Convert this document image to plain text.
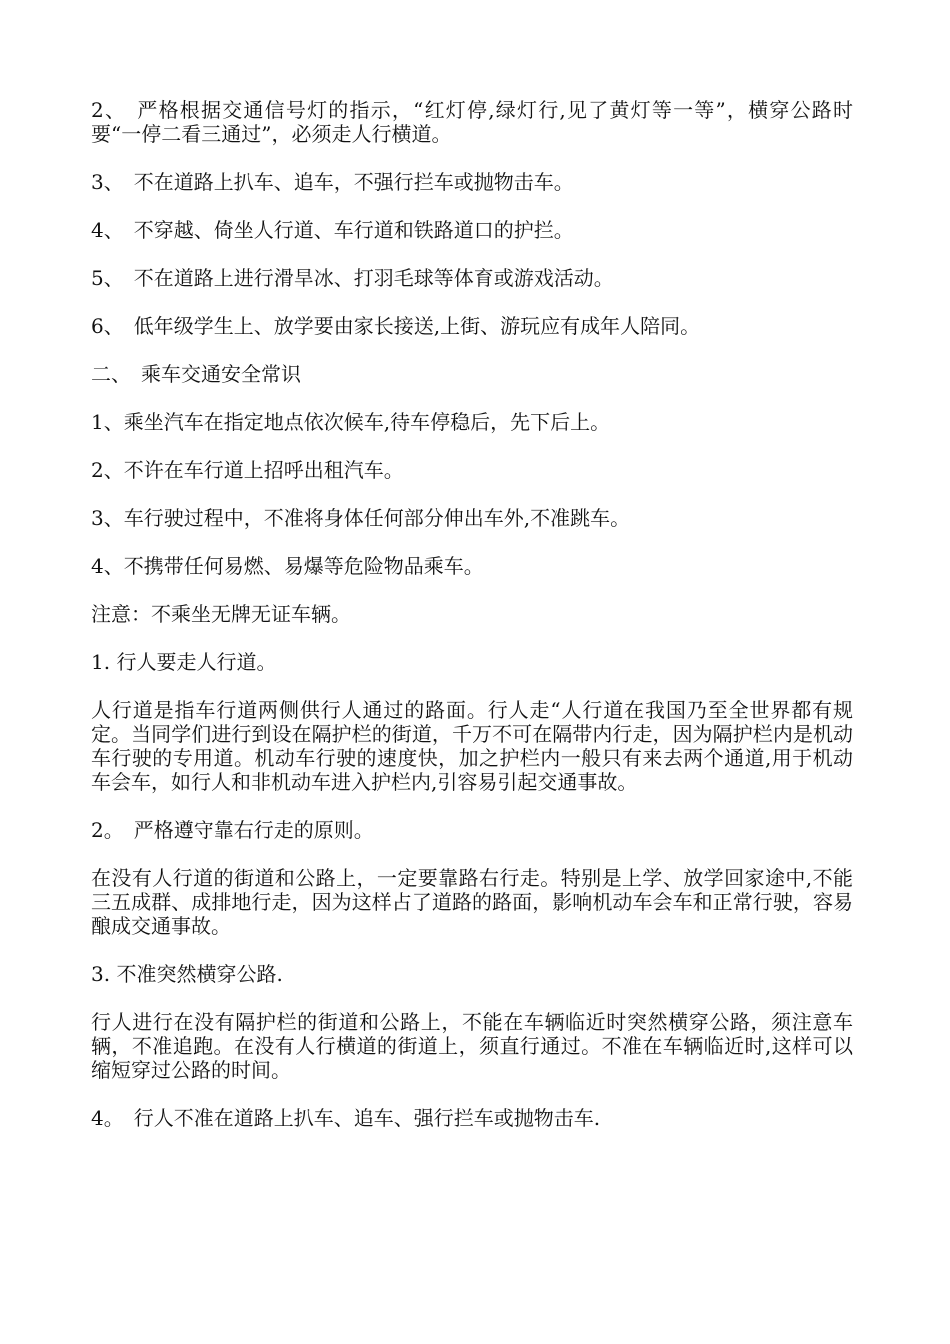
2、　严格根据交通信号灯的指示，“红灯停,绿灯行,见了黄灯等一等”，横穿公路时要“一停二看三通过”，必须走人行横道。

3、　不在道路上扒车、追车，不强行拦车或抛物击车。

4、　不穿越、倚坐人行道、车行道和铁路道口的护拦。

5、　不在道路上进行滑旱冰、打羽毛球等体育或游戏活动。

6、　低年级学生上、放学要由家长接送,上街、游玩应有成年人陪同。

二、　乘车交通安全常识

1、乘坐汽车在指定地点依次候车,待车停稳后，先下后上。

2、不许在车行道上招呼出租汽车。

3、车行驶过程中，不准将身体任何部分伸出车外,不准跳车。

4、不携带任何易燃、易爆等危险物品乘车。

注意：不乘坐无牌无证车辆。

1. 行人要走人行道。

人行道是指车行道两侧供行人通过的路面。行人走“人行道在我国乃至全世界都有规定。当同学们进行到设在隔护栏的街道，千万不可在隔带内行走，因为隔护栏内是机动车行驶的专用道。机动车行驶的速度快，加之护栏内一般只有来去两个通道,用于机动车会车，如行人和非机动车进入护栏内,引容易引起交通事故。

2。　严格遵守靠右行走的原则。

在没有人行道的街道和公路上，一定要靠路右行走。特别是上学、放学回家途中,不能三五成群、成排地行走，因为这样占了道路的路面，影响机动车会车和正常行驶，容易酿成交通事故。

3. 不准突然横穿公路.

行人进行在没有隔护栏的街道和公路上，不能在车辆临近时突然横穿公路，须注意车辆，不准追跑。在没有人行横道的街道上，须直行通过。不准在车辆临近时,这样可以缩短穿过公路的时间。

4。　行人不准在道路上扒车、追车、强行拦车或抛物击车.
